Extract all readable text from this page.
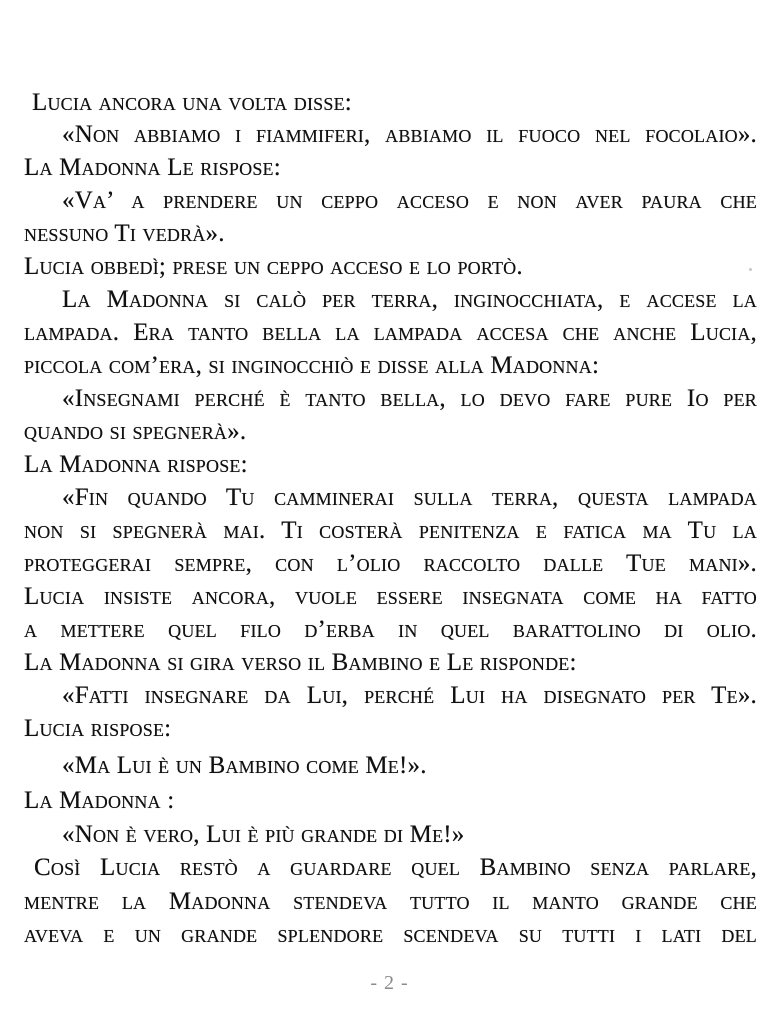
Lucia ancora una volta disse:
«Non abbiamo i fiammiferi, abbiamo il fuoco nel focolaio».
La Madonna Le rispose:
«Va’ a prendere un ceppo acceso e non aver paura che
nessuno Ti vedrà».
Lucia obbedì; prese un ceppo acceso e lo portò.
La Madonna si calò per terra, inginocchiata, e accese la
lampada. Era tanto bella la lampada accesa che anche Lucia,
piccola com’era, si inginocchiò e disse alla Madonna:
«Insegnami perché è tanto bella, lo devo fare pure Io per
quando si spegnerà».
La Madonna rispose:
«Fin quando Tu camminerai sulla terra, questa lampada
non si spegnerà mai. Ti costerà penitenza e fatica ma Tu la
proteggerai sempre, con l’olio raccolto dalle Tue mani».
Lucia insiste ancora, vuole essere insegnata come ha fatto
a mettere quel filo d’erba in quel barattolino di olio.
La Madonna si gira verso il Bambino e Le risponde:
«Fatti insegnare da Lui, perché Lui ha disegnato per Te».
Lucia rispose:
«Ma Lui è un Bambino come Me!».
La Madonna :
«Non è vero, Lui è più grande di Me!»
Così Lucia restò a guardare quel Bambino senza parlare,
mentre la Madonna stendeva tutto il manto grande che
aveva e un grande splendore scendeva su tutti i lati del
- 2 -
